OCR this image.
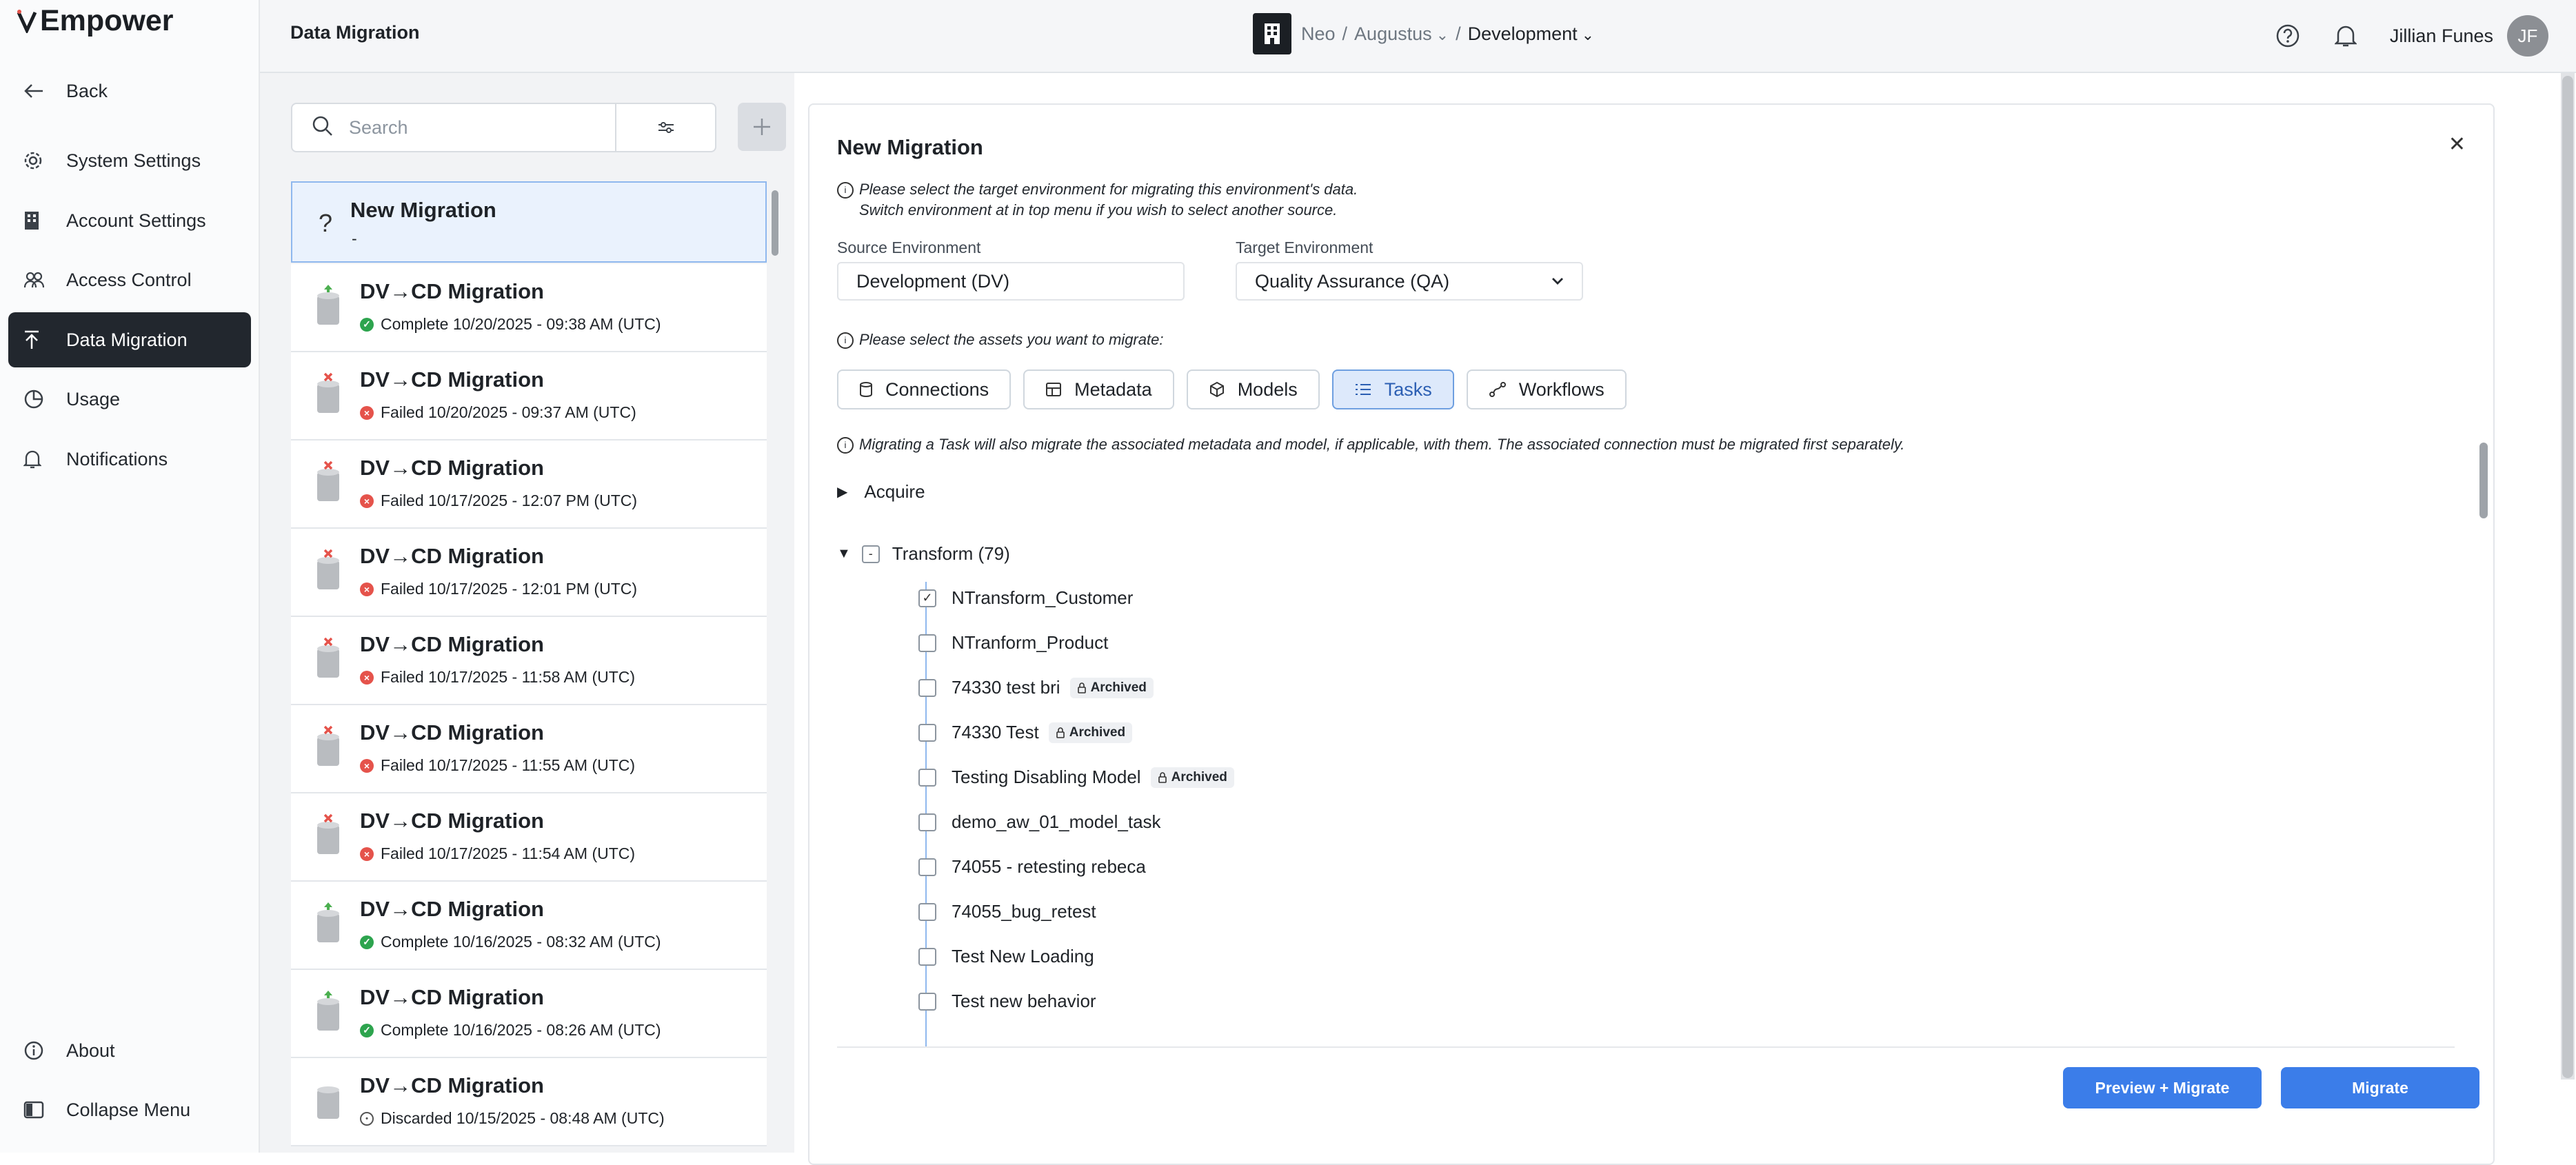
Empower
Back
System Settings
Account Settings
Access Control
Data Migration
Usage
Notifications
About
Collapse Menu
Data Migration	Neo / Augustus ⌄ / Development ⌄	Jillian Funes	JF
Search
? New Migration
-
DV→CD Migration
✓ Complete 10/20/2025 - 09:38 AM (UTC)
DV→CD Migration
× Failed 10/20/2025 - 09:37 AM (UTC)
DV→CD Migration
× Failed 10/17/2025 - 12:07 PM (UTC)
DV→CD Migration
× Failed 10/17/2025 - 12:01 PM (UTC)
DV→CD Migration
× Failed 10/17/2025 - 11:58 AM (UTC)
DV→CD Migration
× Failed 10/17/2025 - 11:55 AM (UTC)
DV→CD Migration
× Failed 10/17/2025 - 11:54 AM (UTC)
DV→CD Migration
✓ Complete 10/16/2025 - 08:32 AM (UTC)
DV→CD Migration
✓ Complete 10/16/2025 - 08:26 AM (UTC)
DV→CD Migration
• Discarded 10/15/2025 - 08:48 AM (UTC)
New Migration	✕
i Please select the target environment for migrating this environment's data.
Switch environment at in top menu if you wish to select another source.
Source Environment
Development (DV)
Target Environment
Quality Assurance (QA)
i Please select the assets you want to migrate:
Connections	Metadata	Models	Tasks	Workflows
i Migrating a Task will also migrate the associated metadata and model, if applicable, with them. The associated connection must be migrated first separately.
▶ Acquire
▼	-	Transform (79)
✓ NTransform_Customer
NTranform_Product
74330 test bri Archived
74330 Test Archived
Testing Disabling Model Archived
demo_aw_01_model_task
74055 - retesting rebeca
74055_bug_retest
Test New Loading
Test new behavior
Preview + Migrate	Migrate
